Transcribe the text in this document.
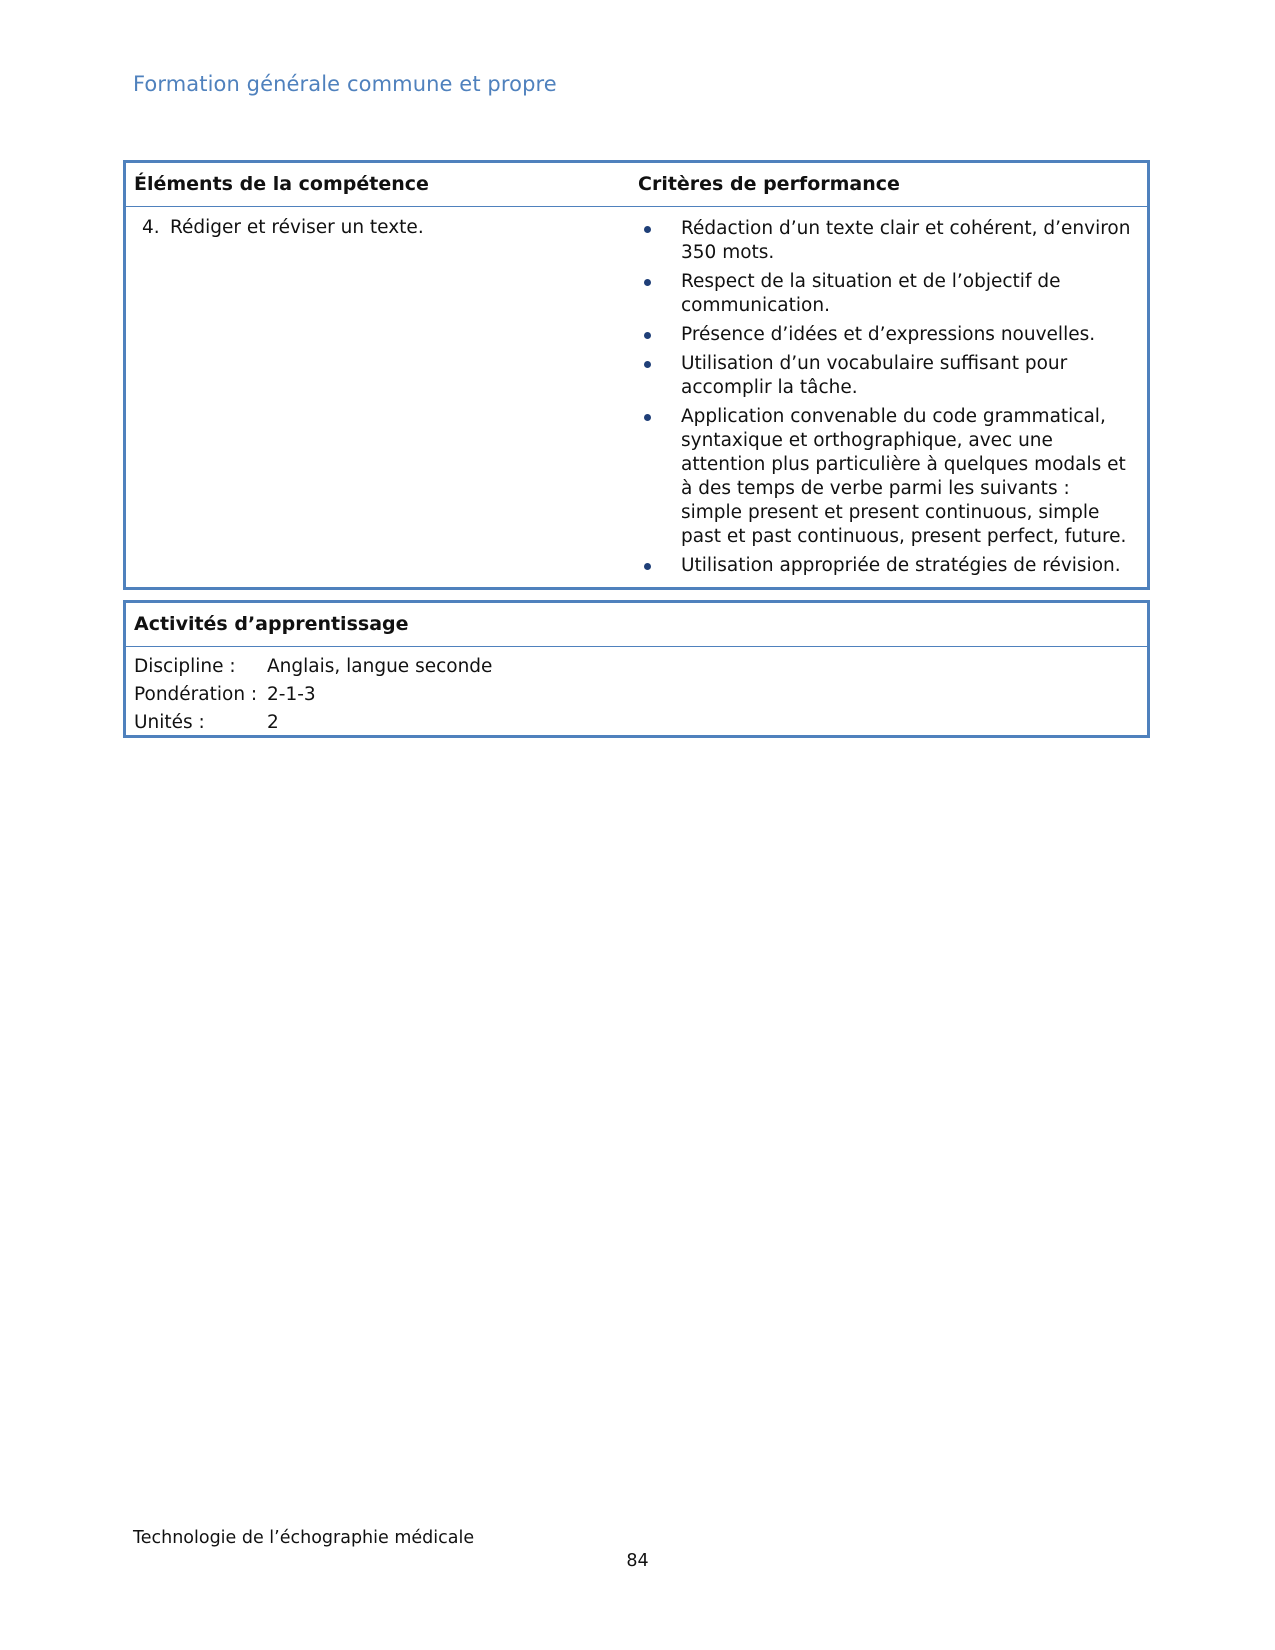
Formation générale commune et propre
Éléments de la compétence	Critères de performance
4. Rédiger et réviser un texte.	Rédaction d’un texte clair et cohérent, d’environ 350 mots.
Respect de la situation et de l’objectif de communication.
Présence d’idées et d’expressions nouvelles.
Utilisation d’un vocabulaire suffisant pour accomplir la tâche.
Application convenable du code grammatical, syntaxique et orthographique, avec une attention plus particulière à quelques modals et à des temps de verbe parmi les suivants : simple present et present continuous, simple past et past continuous, present perfect, future.
Utilisation appropriée de stratégies de révision.
Activités d’apprentissage
Discipline :	Anglais, langue seconde
Pondération : 2-1-3
Unités :	2
Technologie de l’échographie médicale
84
